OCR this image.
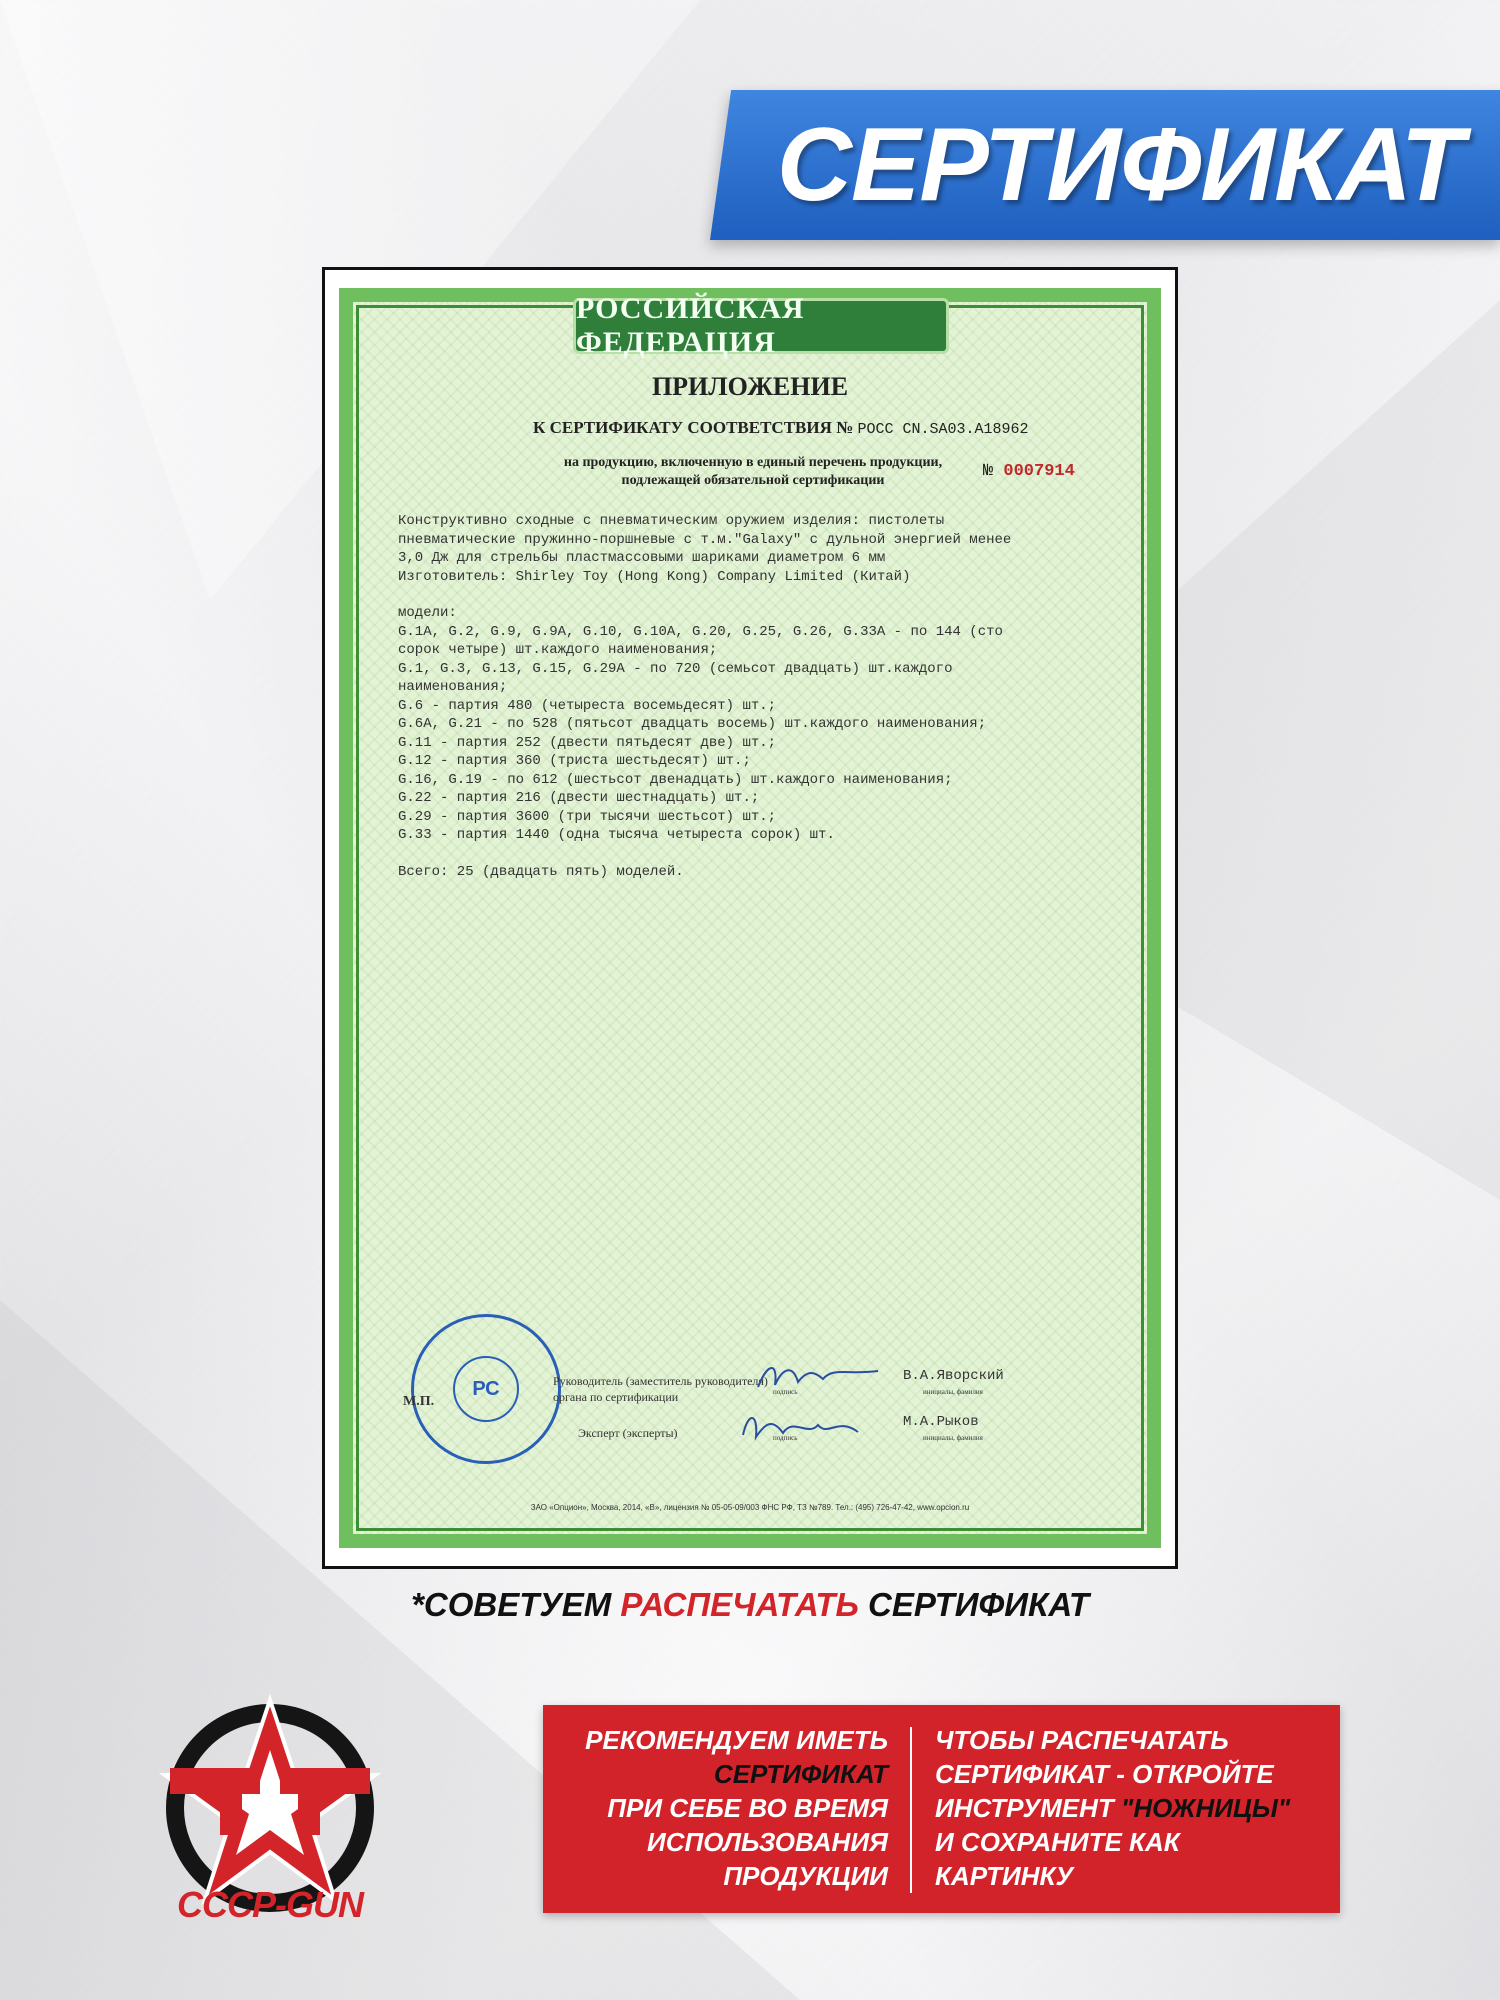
СЕРТИФИКАТ
РОССИЙСКАЯ ФЕДЕРАЦИЯ
ПРИЛОЖЕНИЕ
К СЕРТИФИКАТУ СООТВЕТСТВИЯ № РОСС CN.SA03.A18962
на продукцию, включенную в единый перечень продукции,
подлежащей обязательной сертификации	№ 0007914

Конструктивно сходные с пневматическим оружием изделия: пистолеты

пневматические пружинно-поршневые с т.м."Galaxy" с дульной энергией менее

3,0 Дж для стрельбы пластмассовыми шариками диаметром 6 мм

Изготовитель: Shirley Toy (Hong Kong) Company Limited (Китай)

модели:

G.1A, G.2, G.9, G.9A, G.10, G.10A, G.20, G.25, G.26, G.33A - по 144 (сто

сорок четыре) шт.каждого наименования;

G.1, G.3, G.13, G.15, G.29A - по 720 (семьсот двадцать) шт.каждого

наименования;

G.6 - партия 480 (четыреста восемьдесят) шт.;

G.6A, G.21 - по 528 (пятьсот двадцать восемь) шт.каждого наименования;

G.11 - партия 252 (двести пятьдесят две) шт.;

G.12 - партия 360 (триста шестьдесят) шт.;

G.16, G.19 - по 612 (шестьсот двенадцать) шт.каждого наименования;

G.22 - партия 216 (двести шестнадцать) шт.;

G.29 - партия 3600 (три тысячи шестьсот) шт.;

G.33 - партия 1440 (одна тысяча четыреста сорок) шт.

Всего: 25 (двадцать пять) моделей.

РС
М.П.
Руководитель (заместитель руководителя)
органа по сертификации
В.А.Яворский
подпись	инициалы, фамилия
Эксперт (эксперты)
М.А.Рыков
подпись	инициалы, фамилия
ЗАО «Опцион», Москва, 2014, «В», лицензия № 05-05-09/003 ФНС РФ, ТЗ №789. Тел.: (495) 726-47-42, www.opcion.ru
*СОВЕТУЕМ РАСПЕЧАТАТЬ СЕРТИФИКАТ
CCCP-GUN
РЕКОМЕНДУЕМ ИМЕТЬ
СЕРТИФИКАТ
ПРИ СЕБЕ ВО ВРЕМЯ
ИСПОЛЬЗОВАНИЯ
ПРОДУКЦИИ
ЧТОБЫ РАСПЕЧАТАТЬ
СЕРТИФИКАТ - ОТКРОЙТЕ
ИНСТРУМЕНТ "НОЖНИЦЫ"
И СОХРАНИТЕ КАК
КАРТИНКУ
